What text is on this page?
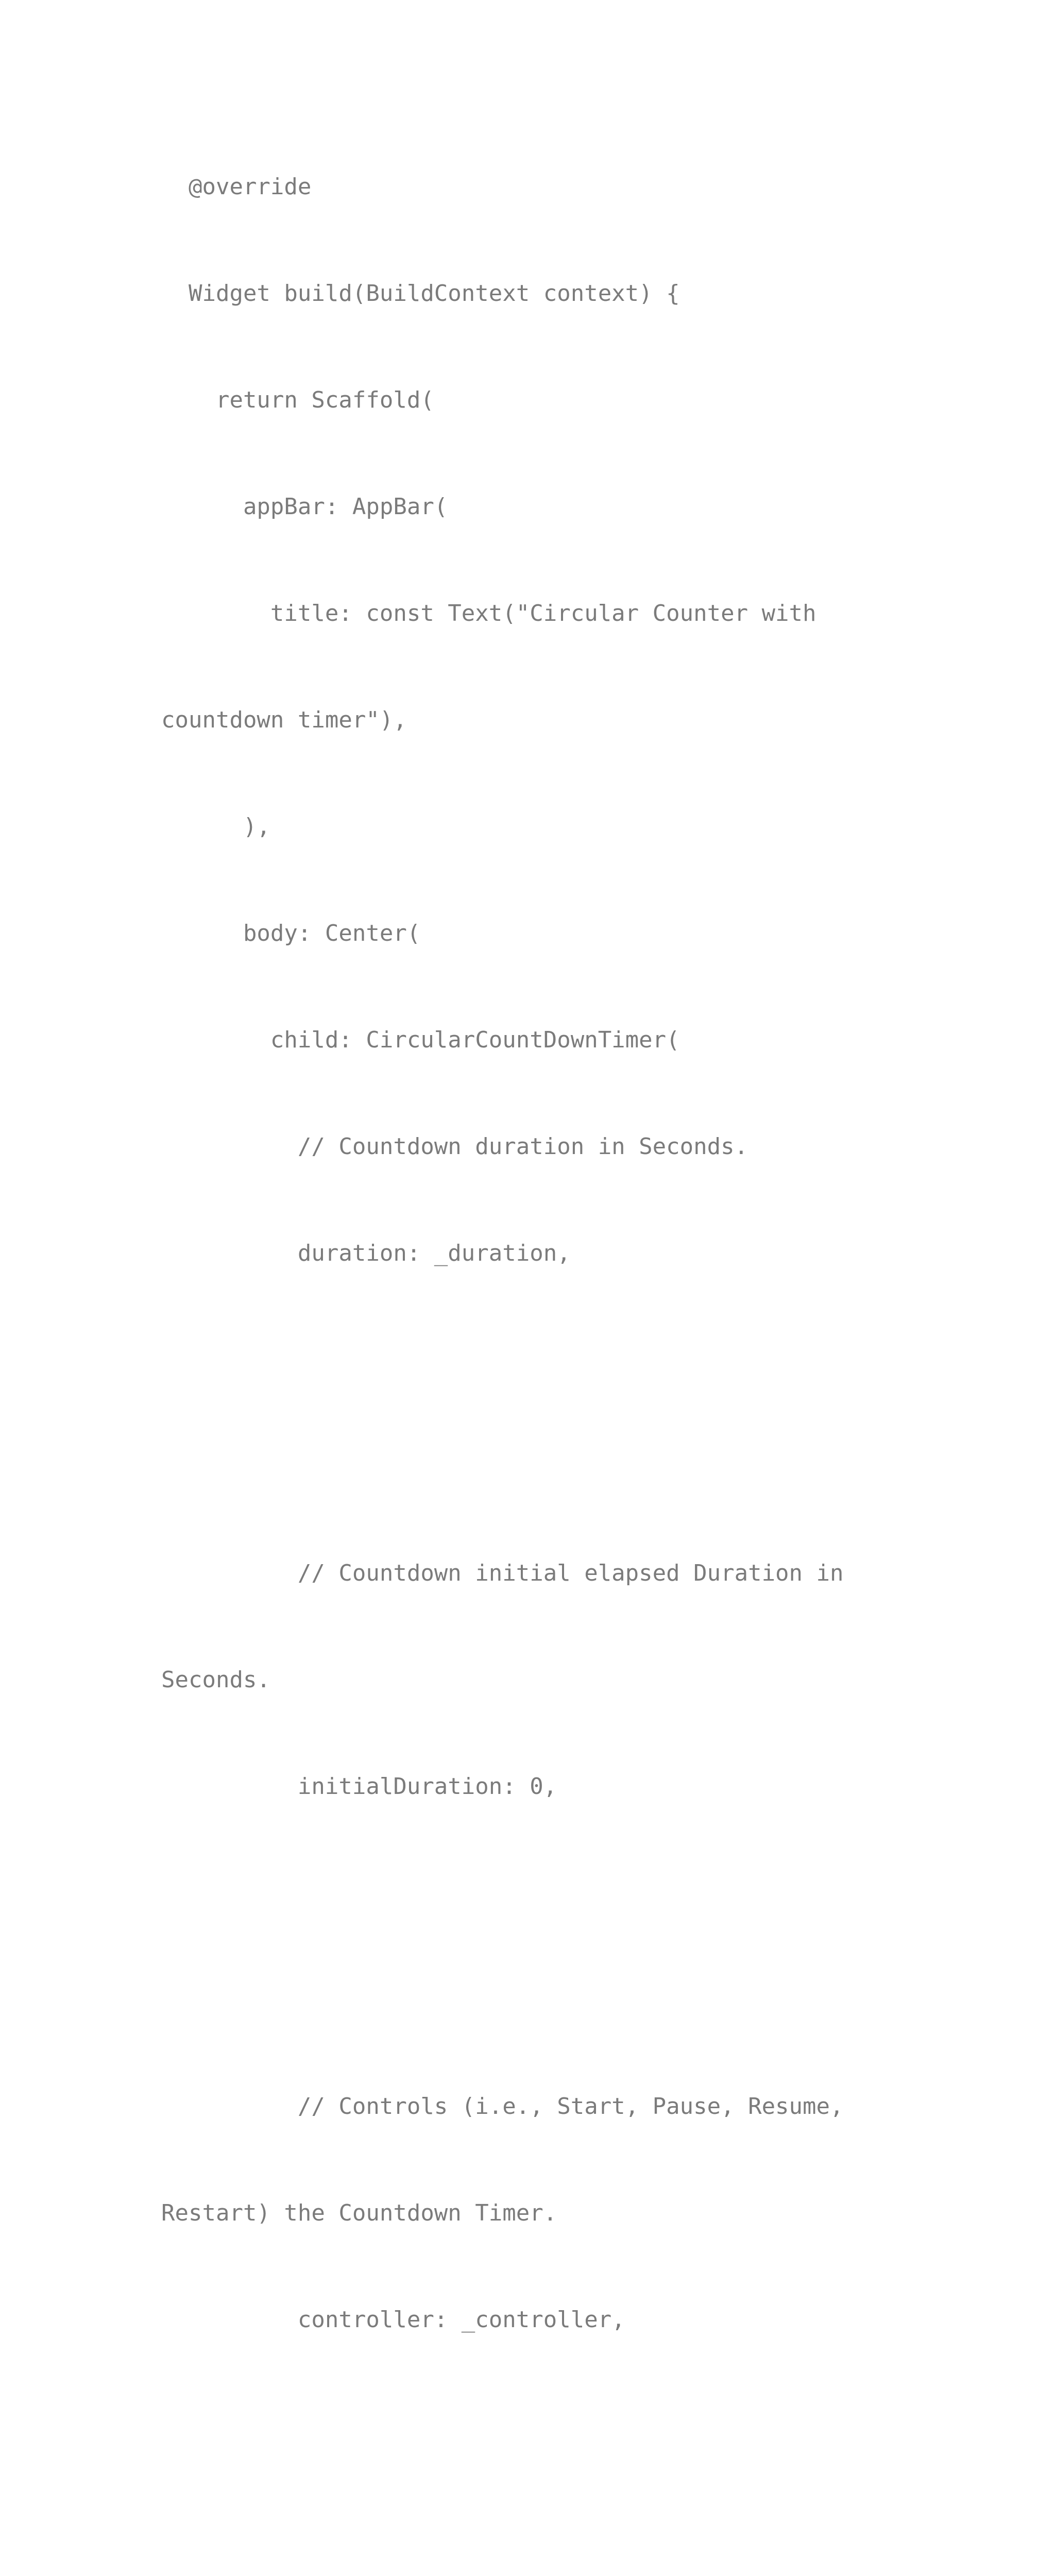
@override

Widget build(BuildContext context) {

return Scaffold(

appBar: AppBar(

title: const Text("Circular Counter with

countdown timer"),

),

body: Center(

child: CircularCountDownTimer(

// Countdown duration in Seconds.

duration: _duration,

// Countdown initial elapsed Duration in

Seconds.

initialDuration: 0,

// Controls (i.e., Start, Pause, Resume,

Restart) the Countdown Timer.

controller: _controller,
